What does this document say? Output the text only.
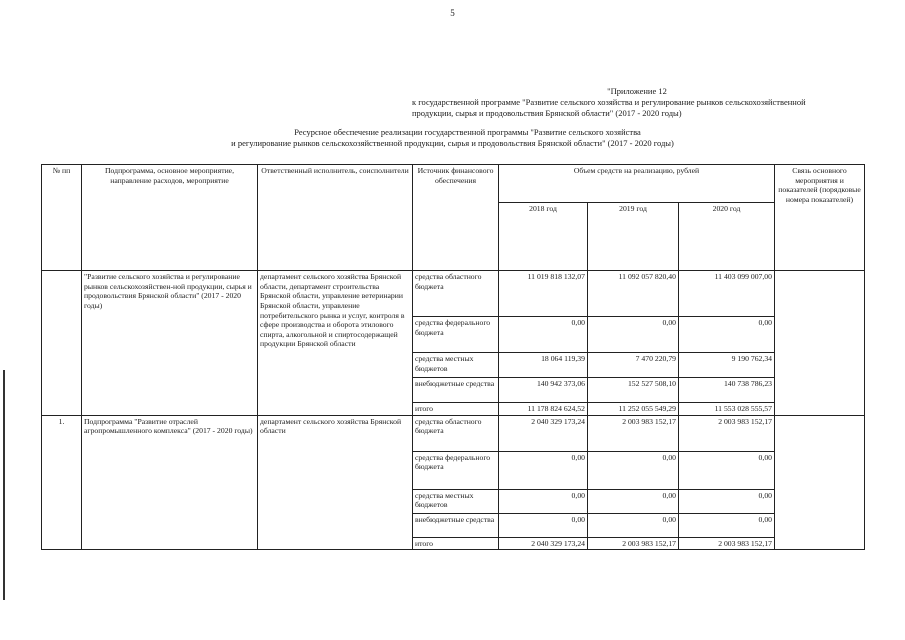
5
"Приложение 12
к государственной программе "Развитие сельского хозяйства и регулирование рынков сельскохозяйственной
продукции, сырья и продовольствия Брянской области" (2017 - 2020 годы)
Ресурсное обеспечение реализации государственной программы "Развитие сельского хозяйства
и регулирование рынков сельскохозяйственной продукции, сырья и продовольствия Брянской области" (2017 - 2020 годы)
№ пп	Подпрограмма, основное мероприятие, направление расходов, мероприятие	Ответственный исполнитель, соисполнители	Источник финансового обеспечения	Объем средств на реализацию, рублей			Связь основного мероприятия и показателей (порядковые номера показателей)
				2018 год	2019 год	2020 год	
	"Развитие сельского хозяйства и регулирование рынков сельскохозяйствен-ной продукции, сырья и продовольствия Брянской области" (2017 - 2020 годы)	департамент сельского хозяйства Брянской области, департамент строительства Брянской области, управление ветеринарии Брянской области, управление потребительского рынка и услуг, контроля в сфере производства и оборота этилового спирта, алкогольной и спиртосодержащей продукции Брянской области	средства областного бюджета	11 019 818 132,07	11 092 057 820,40	11 403 099 007,00	
			средства федерального бюджета	0,00	0,00	0,00	
			средства местных бюджетов	18 064 119,39	7 470 220,79	9 190 762,34	
			внебюджетные средства	140 942 373,06	152 527 508,10	140 738 786,23	
			итого	11 178 824 624,52	11 252 055 549,29	11 553 028 555,57	
1.	Подпрограмма "Развитие отраслей агропромышленного комплекса" (2017 - 2020 годы)	департамент сельского хозяйства Брянской области	средства областного бюджета	2 040 329 173,24	2 003 983 152,17	2 003 983 152,17	
			средства федерального бюджета	0,00	0,00	0,00	
			средства местных бюджетов	0,00	0,00	0,00	
			внебюджетные средства	0,00	0,00	0,00	
			итого	2 040 329 173,24	2 003 983 152,17	2 003 983 152,17	
